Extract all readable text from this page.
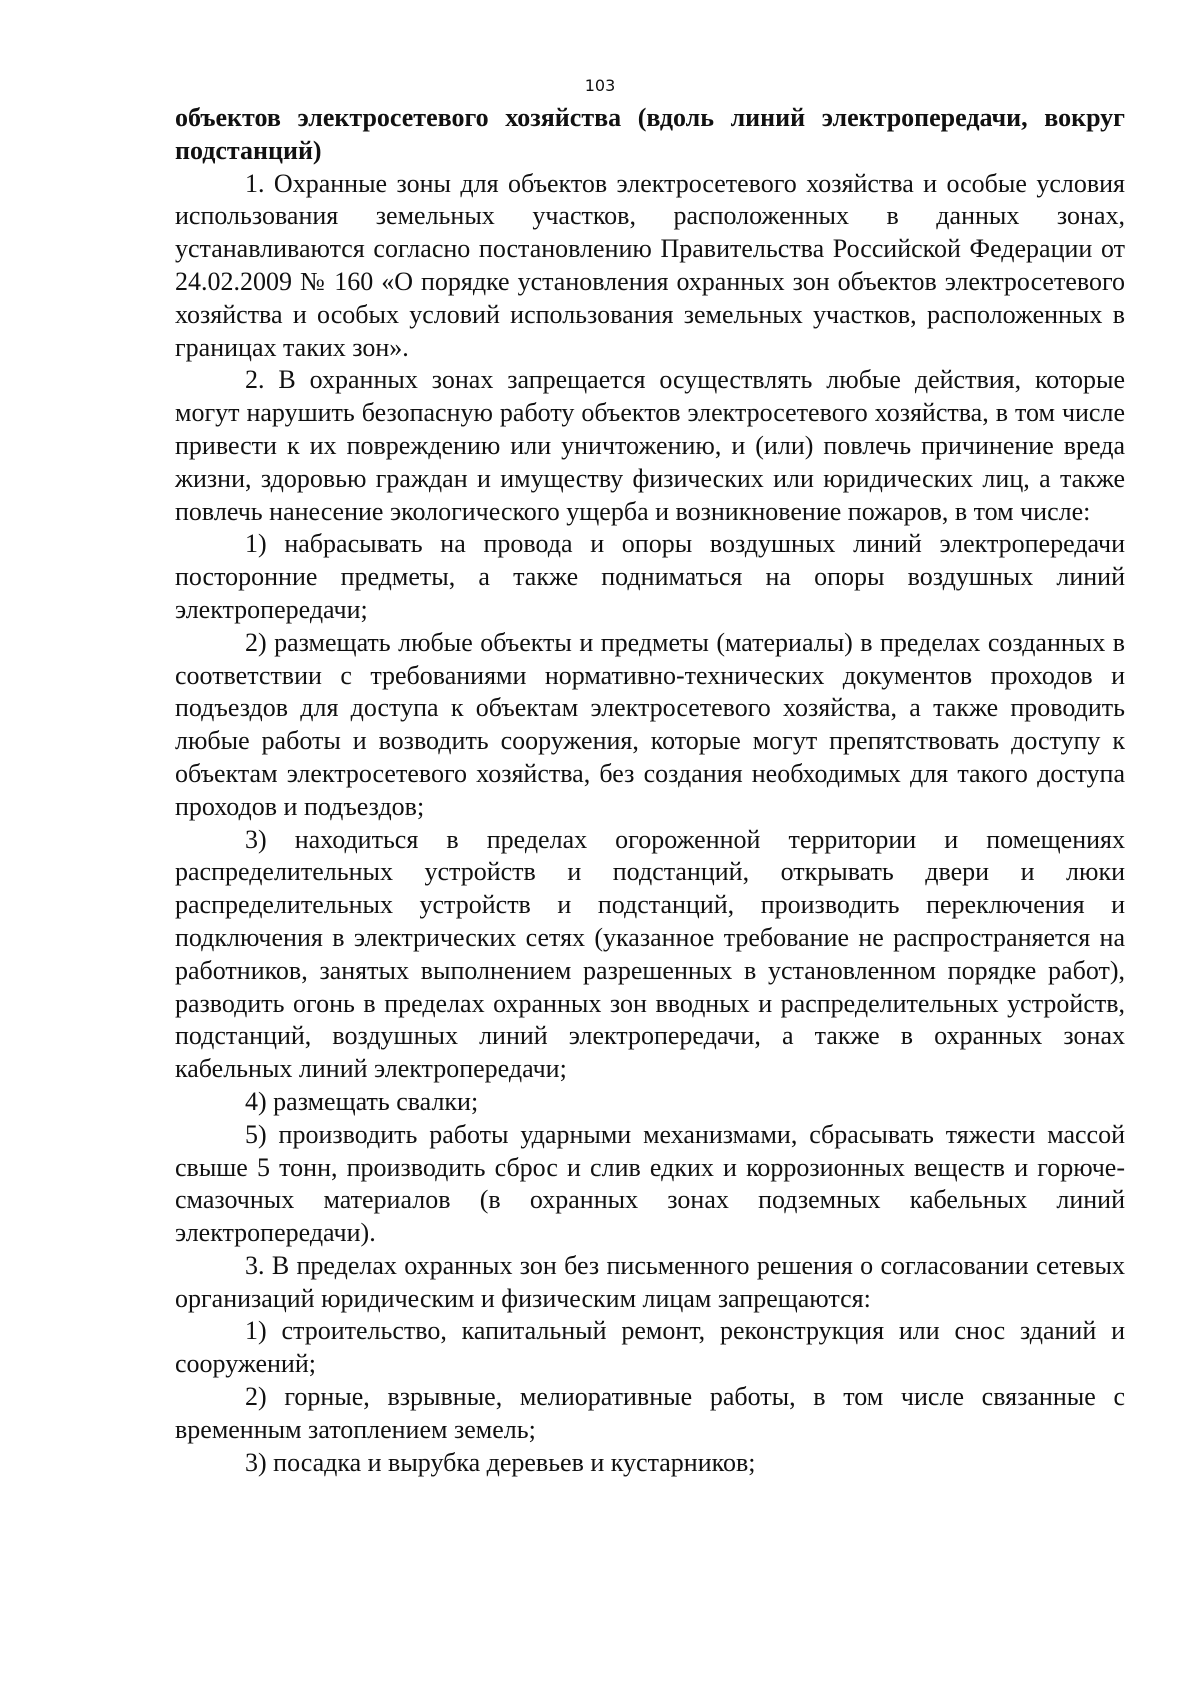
103

объектов электросетевого хозяйства (вдоль линий электропередачи, вокруг подстанций)

1. Охранные зоны для объектов электросетевого хозяйства и особые условия использования земельных участков, расположенных в данных зонах, устанавливаются согласно постановлению Правительства Российской Федерации от 24.02.2009 № 160 «О порядке установления охранных зон объектов электросетевого хозяйства и особых условий использования земельных участков, расположенных в границах таких зон».

2. В охранных зонах запрещается осуществлять любые действия, которые могут нарушить безопасную работу объектов электросетевого хозяйства, в том числе привести к их повреждению или уничтожению, и (или) повлечь причинение вреда жизни, здоровью граждан и имуществу физических или юридических лиц, а также повлечь нанесение экологического ущерба и возникновение пожаров, в том числе:

1) набрасывать на провода и опоры воздушных линий электропередачи посторонние предметы, а также подниматься на опоры воздушных линий электропередачи;

2) размещать любые объекты и предметы (материалы) в пределах созданных в соответствии с требованиями нормативно-технических документов проходов и подъездов для доступа к объектам электросетевого хозяйства, а также проводить любые работы и возводить сооружения, которые могут препятствовать доступу к объектам электросетевого хозяйства, без создания необходимых для такого доступа проходов и подъездов;

3) находиться в пределах огороженной территории и помещениях распределительных устройств и подстанций, открывать двери и люки распределительных устройств и подстанций, производить переключения и подключения в электрических сетях (указанное требование не распространяется на работников, занятых выполнением разрешенных в установленном порядке работ), разводить огонь в пределах охранных зон вводных и распределительных устройств, подстанций, воздушных линий электропередачи, а также в охранных зонах кабельных линий электропередачи;

4) размещать свалки;

5) производить работы ударными механизмами, сбрасывать тяжести массой свыше 5 тонн, производить сброс и слив едких и коррозионных веществ и горюче-смазочных материалов (в охранных зонах подземных кабельных линий электропередачи).

3. В пределах охранных зон без письменного решения о согласовании сетевых организаций юридическим и физическим лицам запрещаются:

1) строительство, капитальный ремонт, реконструкция или снос зданий и сооружений;

2) горные, взрывные, мелиоративные работы, в том числе связанные с временным затоплением земель;

3) посадка и вырубка деревьев и кустарников;
